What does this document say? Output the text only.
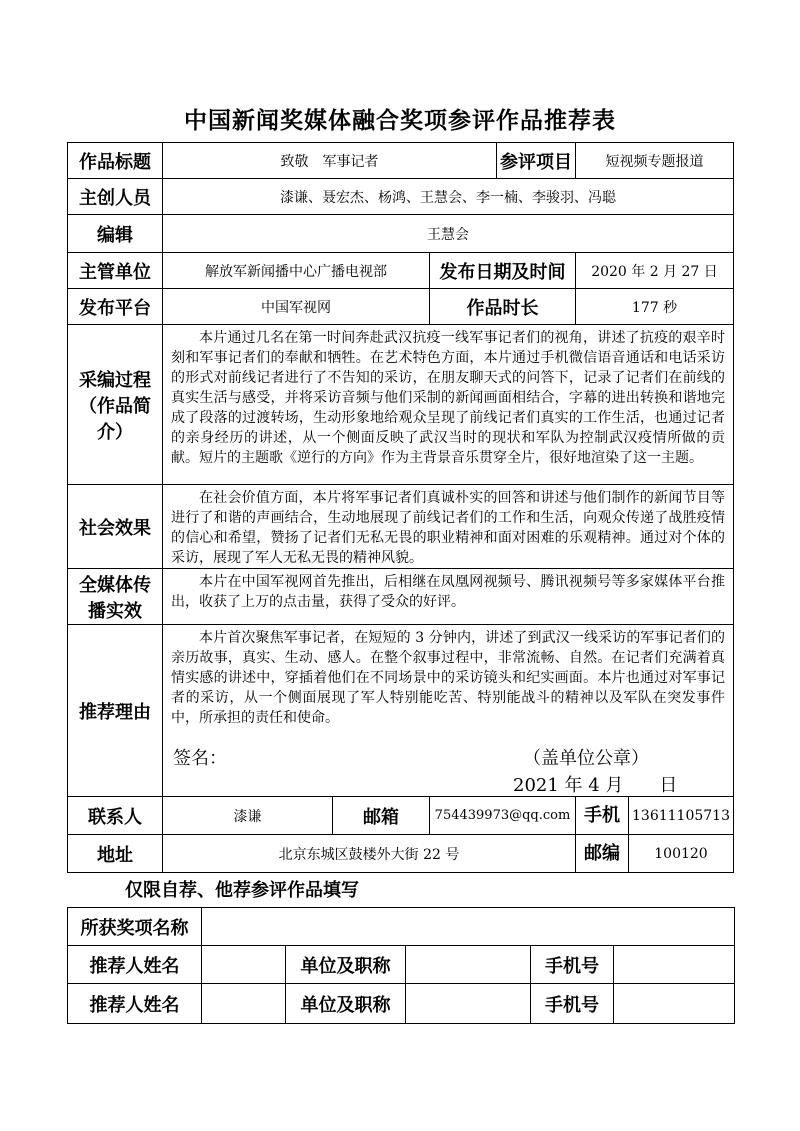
中国新闻奖媒体融合奖项参评作品推荐表
作品标题	致敬　军事记者			参评项目	短视频专题报道
主创人员	漆谦、聂宏杰、杨鸿、王慧会、李一楠、李骏羽、冯聪				
编辑	王慧会				
主管单位	解放军新闻播中心广播电视部		发布日期及时间		2020 年 2 月 27 日
发布平台	中国军视网		作品时长		177 秒
采编过程（作品简介）	本片通过几名在第一时间奔赴武汉抗疫一线军事记者们的视角，讲述了抗疫的艰辛时刻和军事记者们的奉献和牺牲。在艺术特色方面，本片通过手机微信语音通话和电话采访的形式对前线记者进行了不告知的采访，在朋友聊天式的问答下，记录了记者们在前线的真实生活与感受，并将采访音频与他们采制的新闻画面相结合，字幕的进出转换和谐地完成了段落的过渡转场，生动形象地给观众呈现了前线记者们真实的工作生活，也通过记者的亲身经历的讲述，从一个侧面反映了武汉当时的现状和军队为控制武汉疫情所做的贡献。短片的主题歌《逆行的方向》作为主背景音乐贯穿全片，很好地渲染了这一主题。				
社会效果	在社会价值方面，本片将军事记者们真诚朴实的回答和讲述与他们制作的新闻节目等进行了和谐的声画结合，生动地展现了前线记者们的工作和生活，向观众传递了战胜疫情的信心和希望，赞扬了记者们无私无畏的职业精神和面对困难的乐观精神。通过对个体的采访，展现了军人无私无畏的精神风貌。				
全媒体传播实效	本片在中国军视网首先推出，后相继在凤凰网视频号、腾讯视频号等多家媒体平台推出，收获了上万的点击量，获得了受众的好评。				
推荐理由	本片首次聚焦军事记者，在短短的 3 分钟内，讲述了到武汉一线采访的军事记者们的亲历故事，真实、生动、感人。在整个叙事过程中，非常流畅、自然。在记者们充满着真情实感的讲述中，穿插着他们在不同场景中的采访镜头和纪实画面。本片也通过对军事记者的采访，从一个侧面展现了军人特别能吃苦、特别能战斗的精神以及军队在突发事件中，所承担的责任和使命。
签名： （盖单位公章）
2021 年 4 月　　日				

联系人	漆谦	邮箱	754439973@qq.com		手机 13611105713

地址	北京东城区鼓楼外大街 22 号				邮编 100120
仅限自荐、他荐参评作品填写
所获奖项名称					
推荐人姓名		单位及职称		手机号	
推荐人姓名		单位及职称		手机号	
